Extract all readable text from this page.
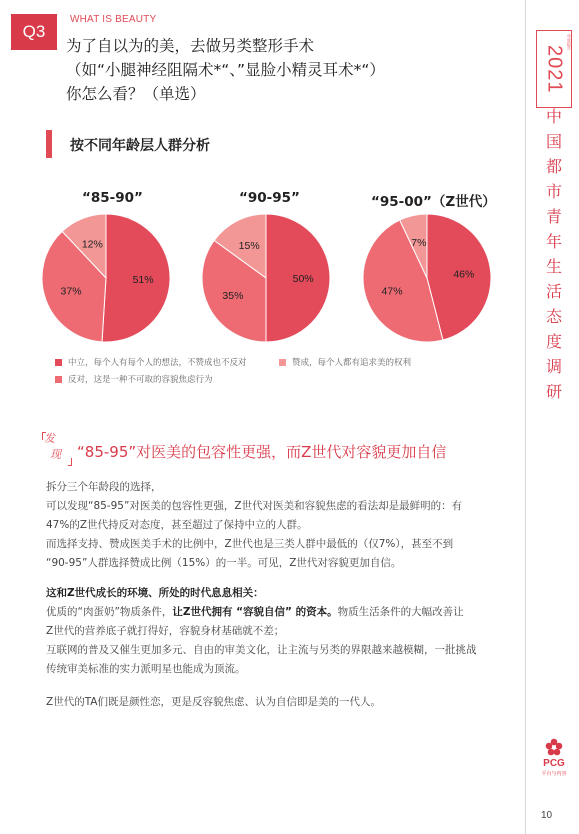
Q3
WHAT IS BEAUTY
为了自以为的美，去做另类整形手术
（如“小腿神经阻隔术*“、”显脸小精灵耳术*“）
你怎么看？（单选）
2021
年度报告
中
国
都
市
青
年
生
活
态
度
调
研
按不同年龄层人群分析
“85-90”	“90-95”	“95-00”（Z世代）
51%
37%
12%
50%
35%
15%
46%
47%
7%
中立，每个人有每个人的想法，不赞成也不反对
反对，这是一种不可取的容貌焦虑行为
赞成，每个人都有追求美的权利
发
现 “85-95”对医美的包容性更强，而Z世代对容貌更加自信

拆分三个年龄段的选择，

可以发现“85-95”对医美的包容性更强，Z世代对医美和容貌焦虑的看法却是最鲜明的：有

47%的Z世代持反对态度，甚至超过了保持中立的人群。

而选择支持、赞成医美手术的比例中，Z世代也是三类人群中最低的（仅7%），甚至不到

“90-95”人群选择赞成比例（15%）的一半。可见，Z世代对容貌更加自信。

这和Z世代成长的环境、所处的时代息息相关：

优质的“肉蛋奶”物质条件，让Z世代拥有 “容貌自信” 的资本。物质生活条件的大幅改善让

Z世代的营养底子就打得好，容貌身材基础就不差；

互联网的普及又催生更加多元、自由的审美文化，让主流与另类的界限越来越模糊，一批挑战

传统审美标准的实力派明星也能成为顶流。

Z世代的TA们既是颜性恋，更是反容貌焦虑、认为自信即是美的一代人。

PCG
平台与内容
10
